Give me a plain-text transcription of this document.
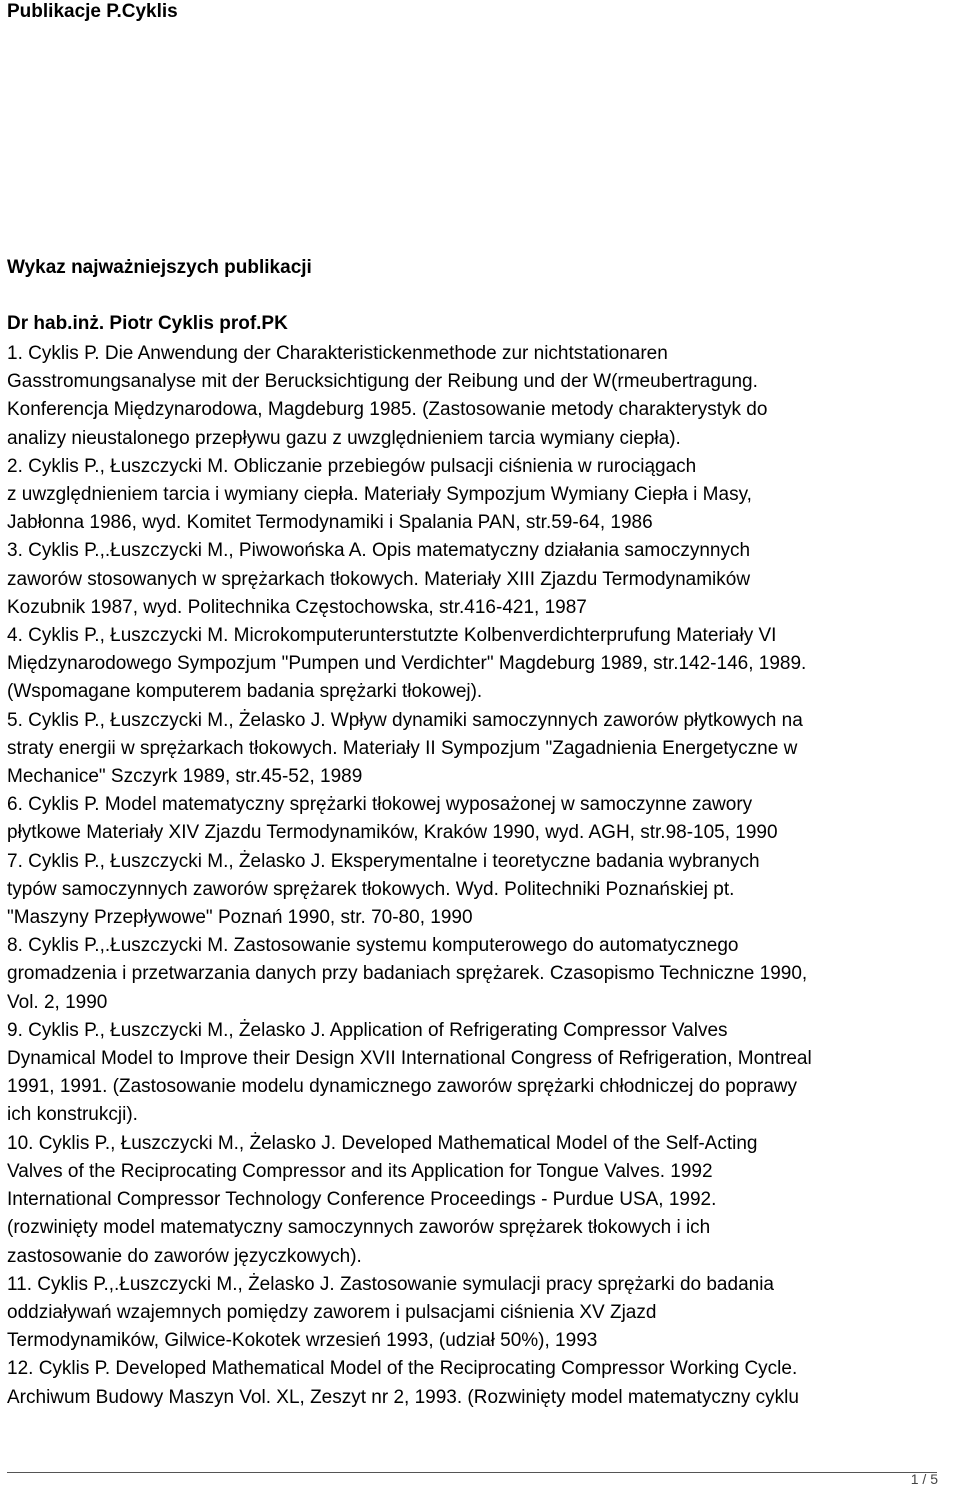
Publikacje P.Cyklis
Wykaz najważniejszych publikacji
Dr hab.inż. Piotr Cyklis prof.PK
1. Cyklis P. Die Anwendung der Charakteristickenmethode zur nichtstationaren
Gasstromungsanalyse mit der Berucksichtigung der Reibung und der W(rmeubertragung.
Konferencja Międzynarodowa, Magdeburg 1985. (Zastosowanie metody charakterystyk do
analizy nieustalonego przepływu gazu z uwzględnieniem tarcia wymiany ciepła).
2. Cyklis P., Łuszczycki M. Obliczanie przebiegów pulsacji ciśnienia w rurociągach
z uwzględnieniem tarcia i wymiany ciepła. Materiały Sympozjum Wymiany Ciepła i Masy,
Jabłonna 1986, wyd. Komitet Termodynamiki i Spalania PAN, str.59-64, 1986
3. Cyklis P.,.Łuszczycki M., Piwowońska A. Opis matematyczny działania samoczynnych
zaworów stosowanych w sprężarkach tłokowych. Materiały XIII Zjazdu Termodynamików
Kozubnik 1987, wyd. Politechnika Częstochowska, str.416-421, 1987
4. Cyklis P., Łuszczycki M. Microkomputerunterstutzte Kolbenverdichterprufung Materiały VI
Międzynarodowego Sympozjum "Pumpen und Verdichter" Magdeburg 1989, str.142-146, 1989.
(Wspomagane komputerem badania sprężarki tłokowej).
5. Cyklis P., Łuszczycki M., Żelasko J. Wpływ dynamiki samoczynnych zaworów płytkowych na
straty energii w sprężarkach tłokowych. Materiały II Sympozjum "Zagadnienia Energetyczne w
Mechanice" Szczyrk 1989, str.45-52, 1989
6. Cyklis P. Model matematyczny sprężarki tłokowej wyposażonej w samoczynne zawory
płytkowe Materiały XIV Zjazdu Termodynamików, Kraków 1990, wyd. AGH, str.98-105, 1990
7. Cyklis P., Łuszczycki M., Żelasko J. Eksperymentalne i teoretyczne badania wybranych
typów samoczynnych zaworów sprężarek tłokowych. Wyd. Politechniki Poznańskiej pt.
"Maszyny Przepływowe" Poznań 1990, str. 70-80, 1990
8. Cyklis P.,.Łuszczycki M. Zastosowanie systemu komputerowego do automatycznego
gromadzenia i przetwarzania danych przy badaniach sprężarek. Czasopismo Techniczne 1990,
Vol. 2, 1990
9. Cyklis P., Łuszczycki M., Żelasko J. Application of Refrigerating Compressor Valves
Dynamical Model to Improve their Design XVII International Congress of Refrigeration, Montreal
1991, 1991. (Zastosowanie modelu dynamicznego zaworów sprężarki chłodniczej do poprawy
ich konstrukcji).
10. Cyklis P., Łuszczycki M., Żelasko J. Developed Mathematical Model of the Self-Acting
Valves of the Reciprocating Compressor and its Application for Tongue Valves. 1992
International Compressor Technology Conference Proceedings - Purdue USA, 1992.
(rozwinięty model matematyczny samoczynnych zaworów sprężarek tłokowych i ich
zastosowanie do zaworów języczkowych).
11. Cyklis P.,.Łuszczycki M., Żelasko J. Zastosowanie symulacji pracy sprężarki do badania
oddziaływań wzajemnych pomiędzy zaworem i pulsacjami ciśnienia XV Zjazd
Termodynamików, Gilwice-Kokotek wrzesień 1993, (udział 50%), 1993
12. Cyklis P. Developed Mathematical Model of the Reciprocating Compressor Working Cycle.
Archiwum Budowy Maszyn Vol. XL, Zeszyt nr 2, 1993. (Rozwinięty model matematyczny cyklu
1 / 5
